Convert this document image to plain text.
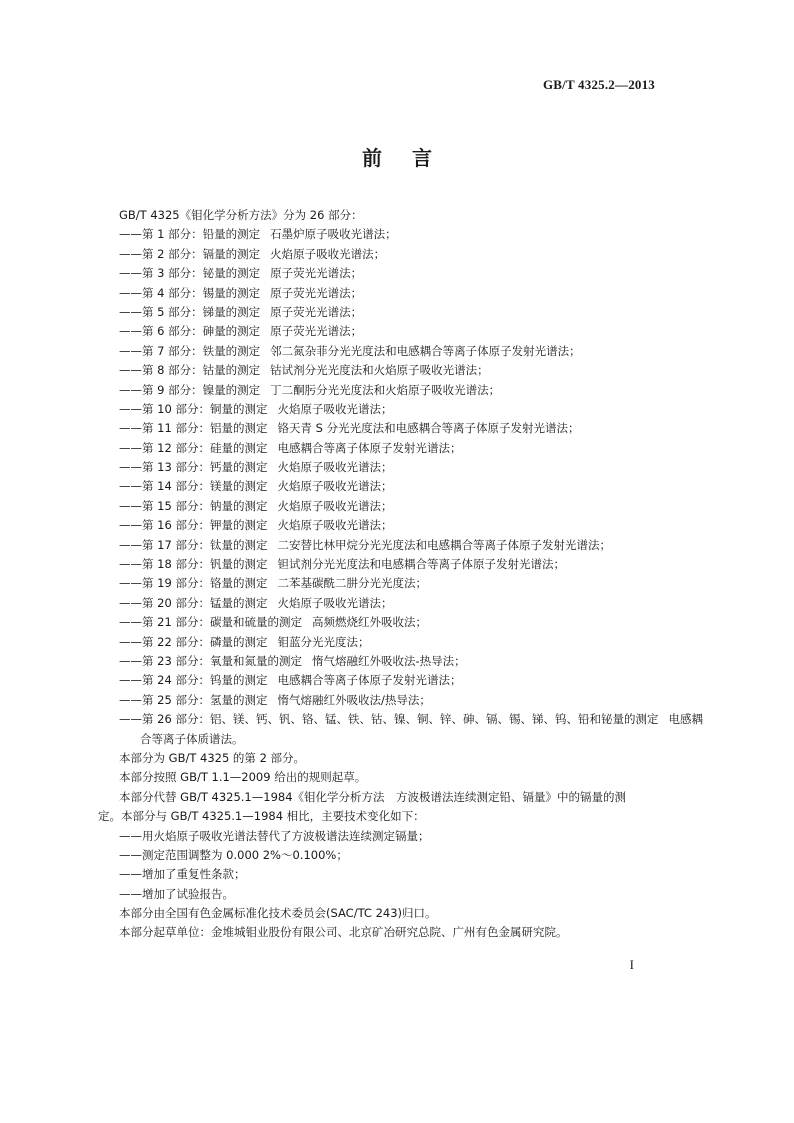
GB/T 4325.2—2013
前言
GB/T 4325《钼化学分析方法》分为 26 部分：
——第 1 部分：铅量的测定 石墨炉原子吸收光谱法；
——第 2 部分：镉量的测定 火焰原子吸收光谱法；
——第 3 部分：铋量的测定 原子荧光光谱法；
——第 4 部分：锡量的测定 原子荧光光谱法；
——第 5 部分：锑量的测定 原子荧光光谱法；
——第 6 部分：砷量的测定 原子荧光光谱法；
——第 7 部分：铁量的测定 邻二氮杂菲分光光度法和电感耦合等离子体原子发射光谱法；
——第 8 部分：钴量的测定 钴试剂分光光度法和火焰原子吸收光谱法；
——第 9 部分：镍量的测定 丁二酮肟分光光度法和火焰原子吸收光谱法；
——第 10 部分：铜量的测定 火焰原子吸收光谱法；
——第 11 部分：铝量的测定 铬天青 S 分光光度法和电感耦合等离子体原子发射光谱法；
——第 12 部分：硅量的测定 电感耦合等离子体原子发射光谱法；
——第 13 部分：钙量的测定 火焰原子吸收光谱法；
——第 14 部分：镁量的测定 火焰原子吸收光谱法；
——第 15 部分：钠量的测定 火焰原子吸收光谱法；
——第 16 部分：钾量的测定 火焰原子吸收光谱法；
——第 17 部分：钛量的测定 二安替比林甲烷分光光度法和电感耦合等离子体原子发射光谱法；
——第 18 部分：钒量的测定 钽试剂分光光度法和电感耦合等离子体原子发射光谱法；
——第 19 部分：铬量的测定 二苯基碳酰二肼分光光度法；
——第 20 部分：锰量的测定 火焰原子吸收光谱法；
——第 21 部分：碳量和硫量的测定 高频燃烧红外吸收法；
——第 22 部分：磷量的测定 钼蓝分光光度法；
——第 23 部分：氧量和氮量的测定 惰气熔融红外吸收法-热导法；
——第 24 部分：钨量的测定 电感耦合等离子体原子发射光谱法；
——第 25 部分：氢量的测定 惰气熔融红外吸收法/热导法；
——第 26 部分：铝、镁、钙、钒、铬、锰、铁、钴、镍、铜、锌、砷、镉、锡、锑、钨、铅和铋量的测定 电感耦
合等离子体质谱法。
本部分为 GB/T 4325 的第 2 部分。
本部分按照 GB/T 1.1—2009 给出的规则起草。
本部分代替 GB/T 4325.1—1984《钼化学分析方法　方波极谱法连续测定铅、镉量》中的镉量的测
定。本部分与 GB/T 4325.1—1984 相比，主要技术变化如下：
——用火焰原子吸收光谱法替代了方波极谱法连续测定镉量；
——测定范围调整为 0.000 2%～0.100%；
——增加了重复性条款；
——增加了试验报告。
本部分由全国有色金属标准化技术委员会(SAC/TC 243)归口。
本部分起草单位：金堆城钼业股份有限公司、北京矿冶研究总院、广州有色金属研究院。
I
